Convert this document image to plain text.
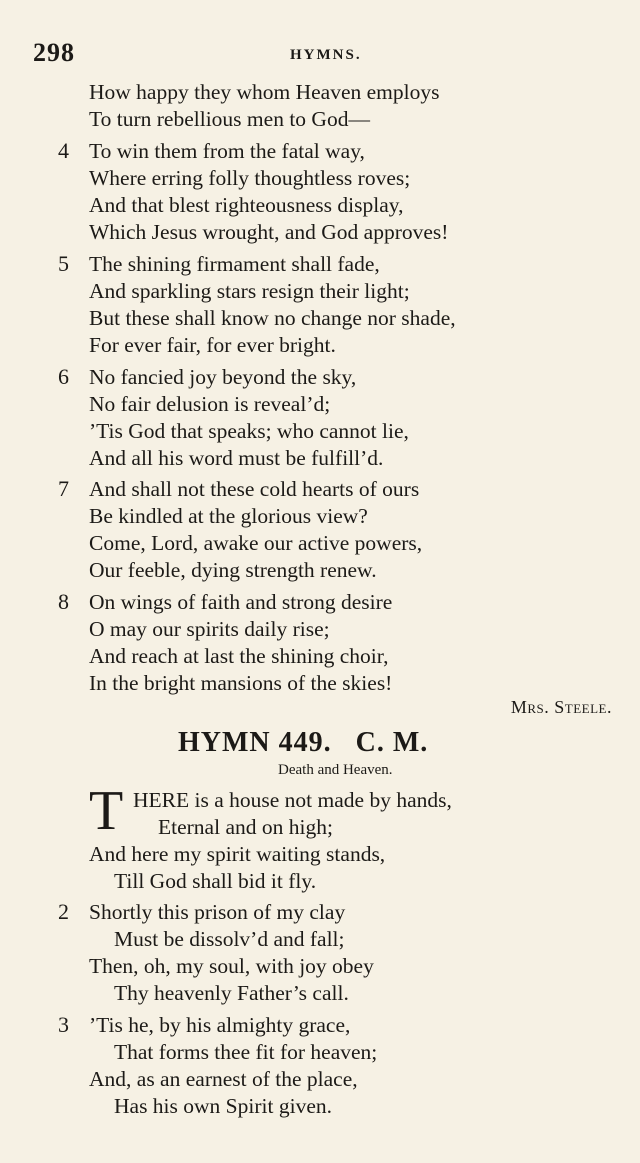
298	HYMNS.
How happy they whom Heaven employs
To turn rebellious men to God—
4 To win them from the fatal way,
Where erring folly thoughtless roves;
And that blest righteousness display,
Which Jesus wrought, and God approves!
5 The shining firmament shall fade,
And sparkling stars resign their light;
But these shall know no change nor shade,
For ever fair, for ever bright.
6 No fancied joy beyond the sky,
No fair delusion is reveal’d;
’Tis God that speaks; who cannot lie,
And all his word must be fulfill’d.
7 And shall not these cold hearts of ours
Be kindled at the glorious view?
Come, Lord, awake our active powers,
Our feeble, dying strength renew.
8 On wings of faith and strong desire
O may our spirits daily rise;
And reach at last the shining choir,
In the bright mansions of the skies!
Mrs. Steele.
HYMN 449.   C. M.
Death and Heaven.
T HERE is a house not made by hands,
Eternal and on high;
And here my spirit waiting stands,
Till God shall bid it fly.
2 Shortly this prison of my clay
Must be dissolv’d and fall;
Then, oh, my soul, with joy obey
Thy heavenly Father’s call.
3 ’Tis he, by his almighty grace,
That forms thee fit for heaven;
And, as an earnest of the place,
Has his own Spirit given.
